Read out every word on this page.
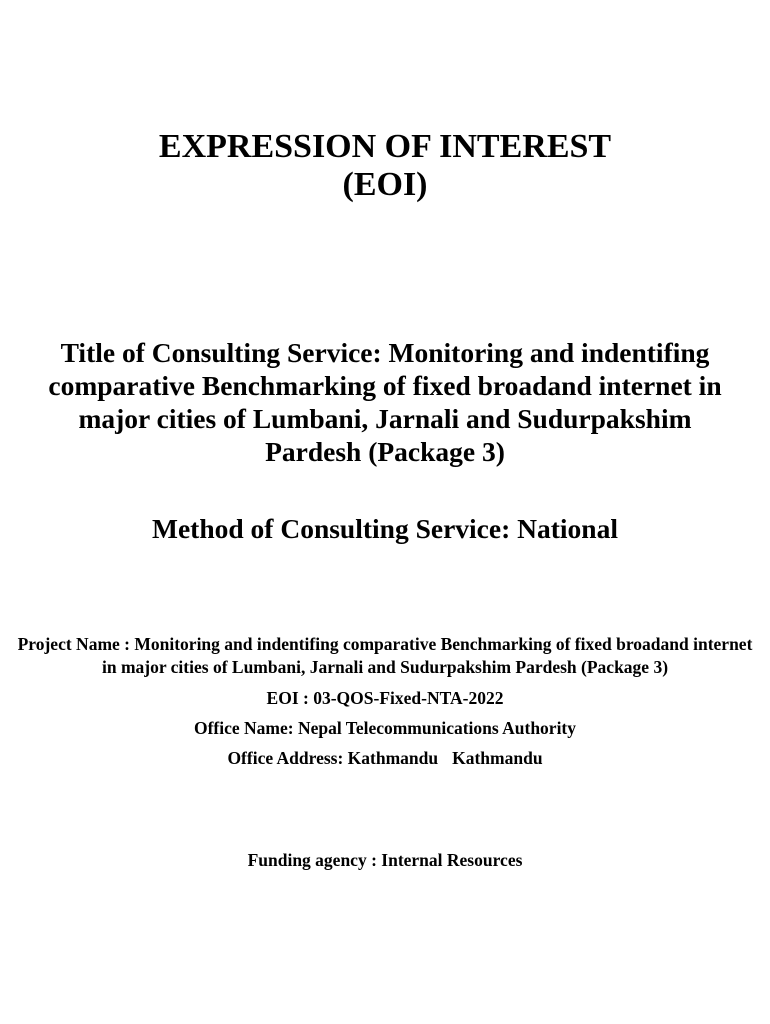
EXPRESSION OF INTEREST
(EOI)
Title of Consulting Service: Monitoring and indentifing comparative Benchmarking of fixed broadand internet in major cities of Lumbani, Jarnali and Sudurpakshim Pardesh (Package 3)
Method of Consulting Service: National
Project Name : Monitoring and indentifing comparative Benchmarking of fixed broadand internet in major cities of Lumbani, Jarnali and Sudurpakshim Pardesh (Package 3)
EOI : 03-QOS-Fixed-NTA-2022
Office Name: Nepal Telecommunications Authority
Office Address: Kathmandu Kathmandu
Funding agency : Internal Resources
